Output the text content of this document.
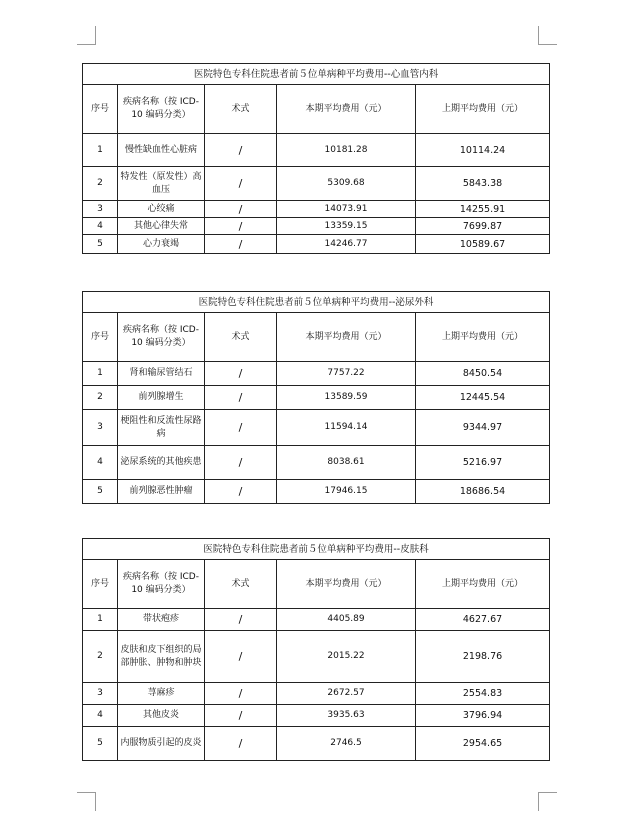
医院特色专科住院患者前５位单病种平均费用--心血管内科				
序号	疾病名称（按 ICD-10 编码分类）	术式	本期平均费用（元）	上期平均费用（元）
1	慢性缺血性心脏病	/	10181.28	10114.24
2	特发性（原发性）高血压	/	5309.68	5843.38
3	心绞痛	/	14073.91	14255.91
4	其他心律失常	/	13359.15	7699.87
5	心力衰竭	/	14246.77	10589.67
医院特色专科住院患者前５位单病种平均费用--泌尿外科				
序号	疾病名称（按 ICD-10 编码分类）	术式	本期平均费用（元）	上期平均费用（元）
1	肾和输尿管结石	/	7757.22	8450.54
2	前列腺增生	/	13589.59	12445.54
3	梗阻性和反流性尿路病	/	11594.14	9344.97
4	泌尿系统的其他疾患	/	8038.61	5216.97
5	前列腺恶性肿瘤	/	17946.15	18686.54
医院特色专科住院患者前５位单病种平均费用--皮肤科				
序号	疾病名称（按 ICD-10 编码分类）	术式	本期平均费用（元）	上期平均费用（元）
1	带状疱疹	/	4405.89	4627.67
2	皮肤和皮下组织的局部肿胀、肿物和肿块	/	2015.22	2198.76
3	荨麻疹	/	2672.57	2554.83
4	其他皮炎	/	3935.63	3796.94
5	内服物质引起的皮炎	/	2746.5	2954.65
